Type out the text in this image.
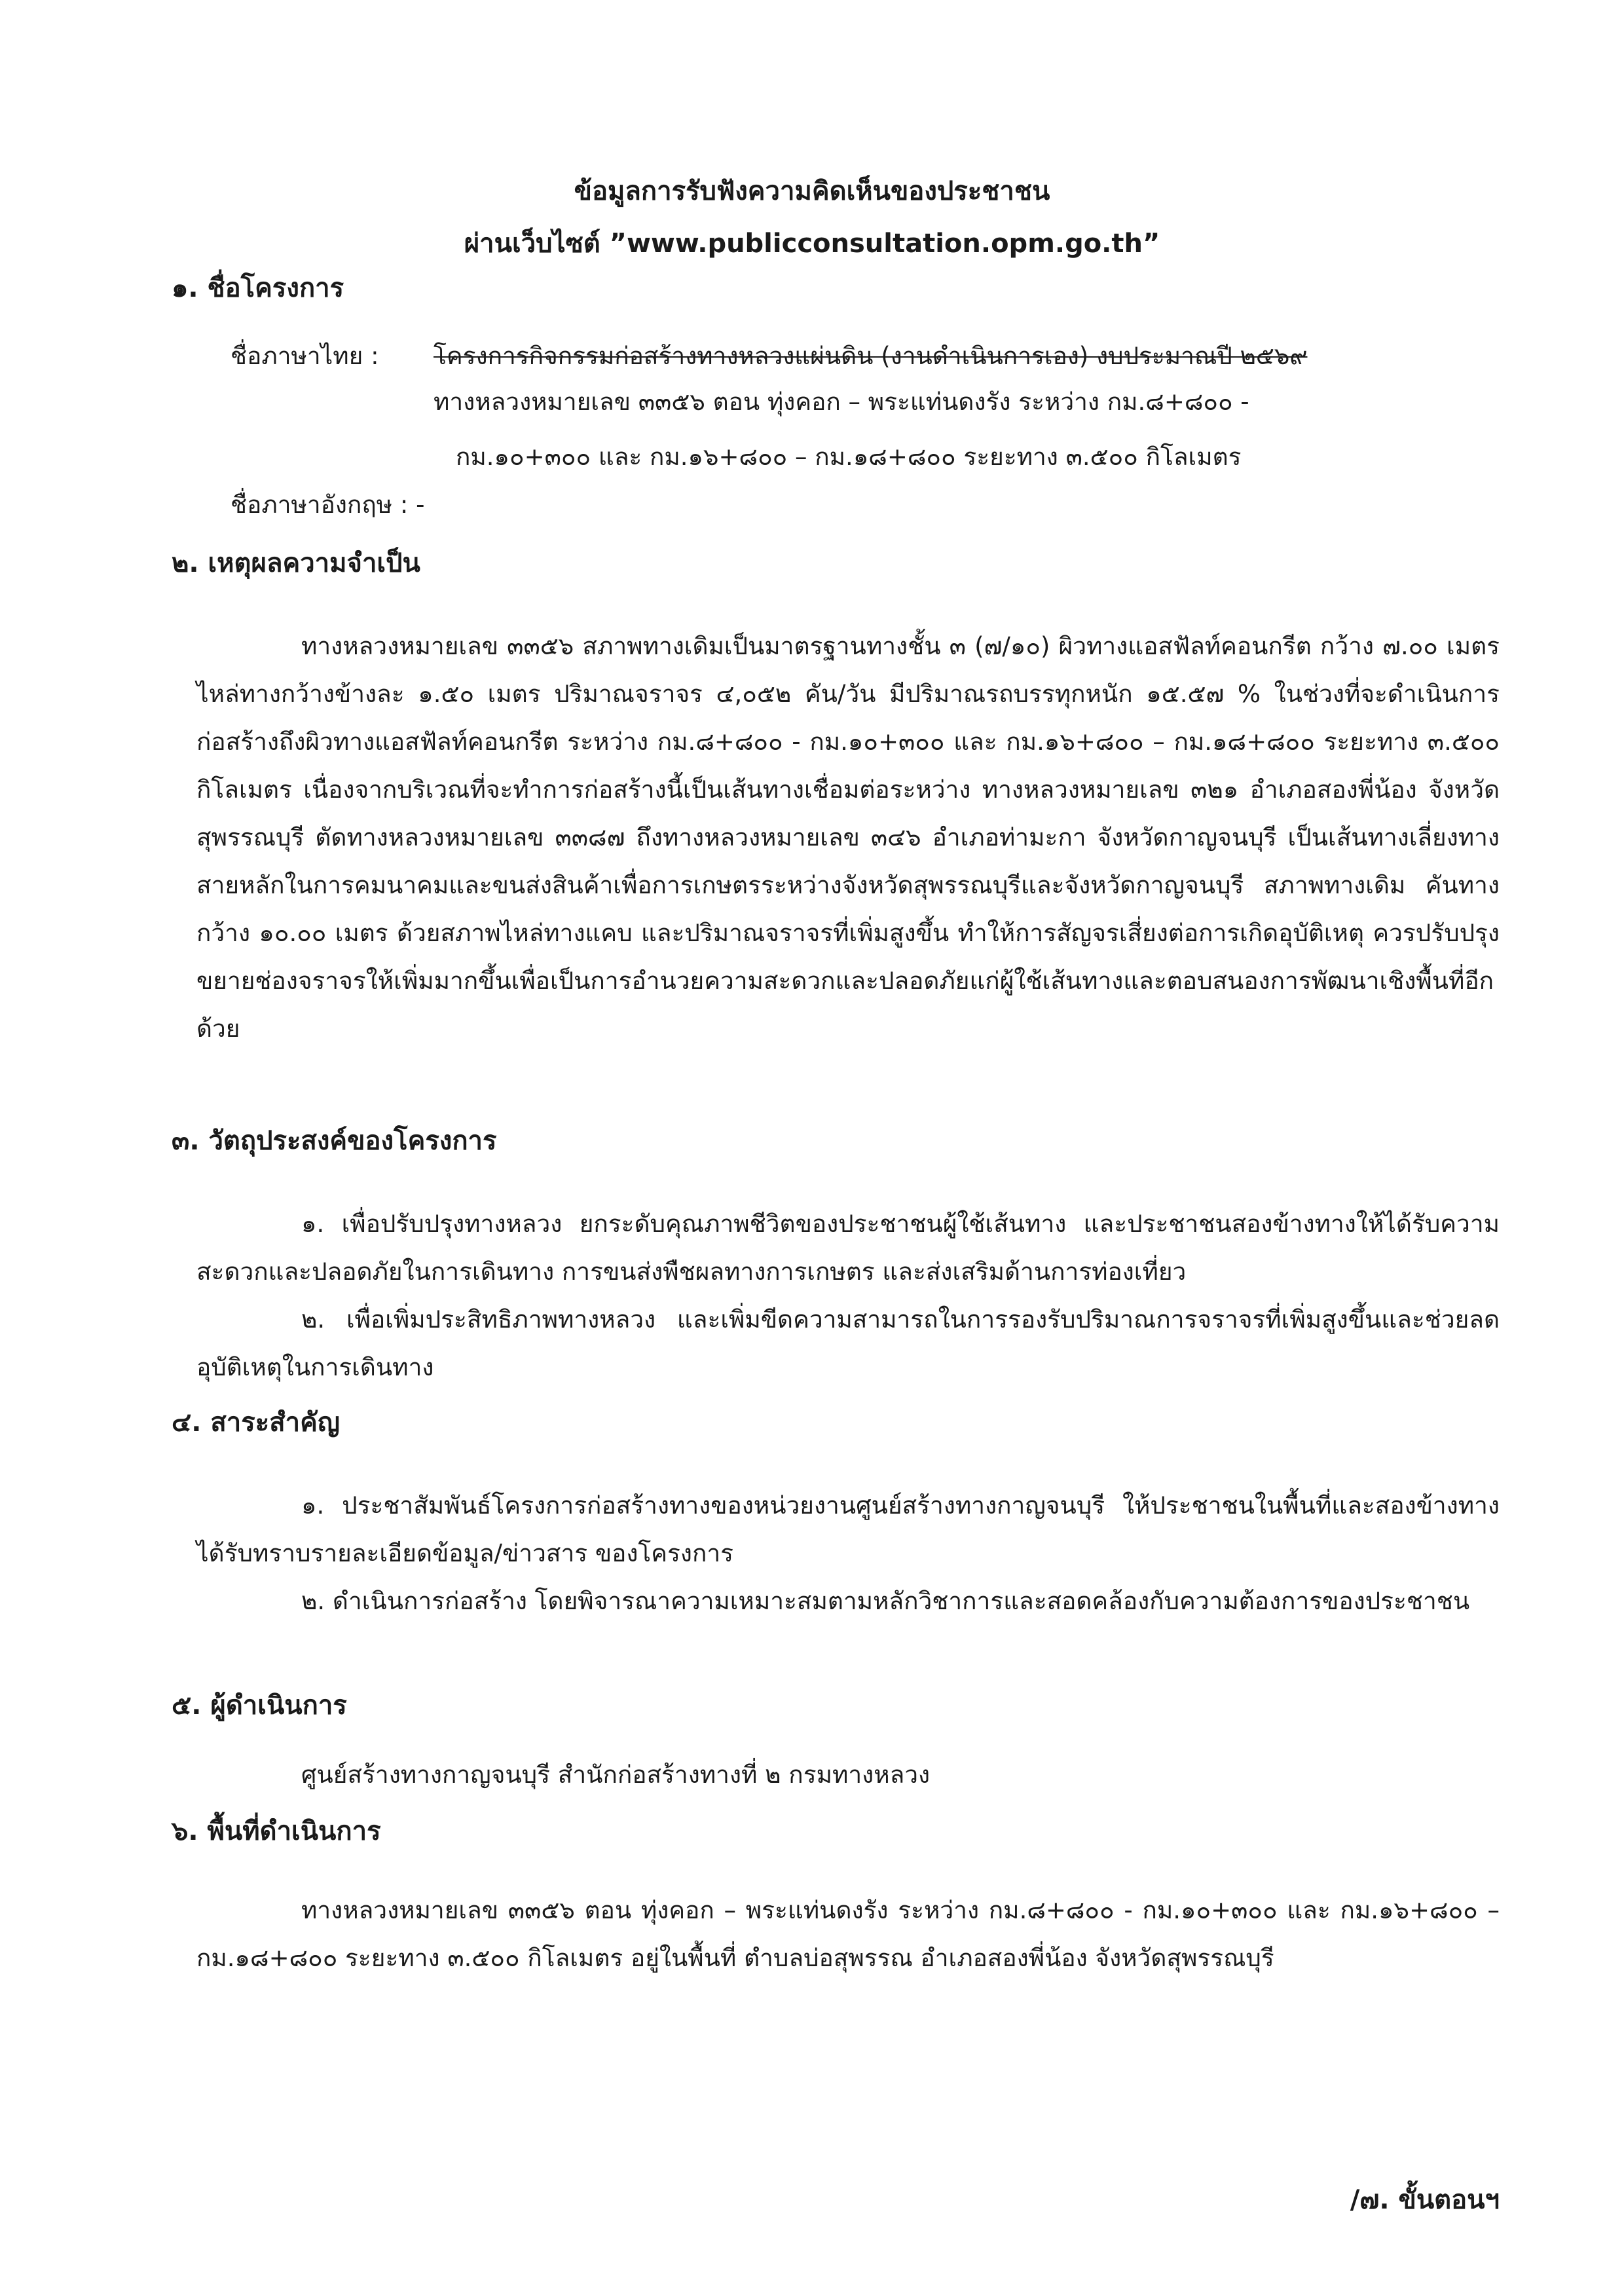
ข้อมูลการรับฟังความคิดเห็นของประชาชน
ผ่านเว็บไซต์ ”www.publicconsultation.opm.go.th”
๑. ชื่อโครงการ
ชื่อภาษาไทย : โครงการกิจกรรมก่อสร้างทางหลวงแผ่นดิน (งานดำเนินการเอง) งบประมาณปี ๒๕๖๙
ทางหลวงหมายเลข ๓๓๕๖ ตอน ทุ่งคอก – พระแท่นดงรัง ระหว่าง กม.๘+๘๐๐ -
กม.๑๐+๓๐๐ และ กม.๑๖+๘๐๐ – กม.๑๘+๘๐๐ ระยะทาง ๓.๕๐๐ กิโลเมตร
ชื่อภาษาอังกฤษ : -
๒. เหตุผลความจำเป็น
ทางหลวงหมายเลข ๓๓๕๖ สภาพทางเดิมเป็นมาตรฐานทางชั้น ๓ (๗/๑๐) ผิวทางแอสฟัลท์คอนกรีต กว้าง ๗.๐๐ เมตร ไหล่ทางกว้างข้างละ ๑.๕๐ เมตร ปริมาณจราจร ๔,๐๕๒ คัน/วัน มีปริมาณรถบรรทุกหนัก ๑๕.๕๗ % ในช่วงที่จะดำเนินการก่อสร้างถึงผิวทางแอสฟัลท์คอนกรีต ระหว่าง กม.๘+๘๐๐ - กม.๑๐+๓๐๐ และ กม.๑๖+๘๐๐ – กม.๑๘+๘๐๐ ระยะทาง ๓.๕๐๐ กิโลเมตร เนื่องจากบริเวณที่จะทำการก่อสร้างนี้เป็นเส้นทางเชื่อมต่อระหว่าง ทางหลวงหมายเลข ๓๒๑ อำเภอสองพี่น้อง จังหวัดสุพรรณบุรี ตัดทางหลวงหมายเลข ๓๓๘๗ ถึงทางหลวงหมายเลข ๓๔๖ อำเภอท่ามะกา จังหวัดกาญจนบุรี เป็นเส้นทางเลี่ยงทางสายหลักในการคมนาคมและขนส่งสินค้าเพื่อการเกษตรระหว่างจังหวัดสุพรรณบุรีและจังหวัดกาญจนบุรี สภาพทางเดิม คันทางกว้าง ๑๐.๐๐ เมตร ด้วยสภาพไหล่ทางแคบ และปริมาณจราจรที่เพิ่มสูงขึ้น ทำให้การสัญจรเสี่ยงต่อการเกิดอุบัติเหตุ ควรปรับปรุงขยายช่องจราจรให้เพิ่มมากขึ้นเพื่อเป็นการอำนวยความสะดวกและปลอดภัยแก่ผู้ใช้เส้นทางและตอบสนองการพัฒนาเชิงพื้นที่อีกด้วย
๓. วัตถุประสงค์ของโครงการ
๑. เพื่อปรับปรุงทางหลวง ยกระดับคุณภาพชีวิตของประชาชนผู้ใช้เส้นทาง และประชาชนสองข้างทางให้ได้รับความสะดวกและปลอดภัยในการเดินทาง การขนส่งพืชผลทางการเกษตร และส่งเสริมด้านการท่องเที่ยว
๒. เพื่อเพิ่มประสิทธิภาพทางหลวง และเพิ่มขีดความสามารถในการรองรับปริมาณการจราจรที่เพิ่มสูงขึ้นและช่วยลดอุบัติเหตุในการเดินทาง
๔. สาระสำคัญ
๑. ประชาสัมพันธ์โครงการก่อสร้างทางของหน่วยงานศูนย์สร้างทางกาญจนบุรี ให้ประชาชนในพื้นที่และสองข้างทางได้รับทราบรายละเอียดข้อมูล/ข่าวสาร ของโครงการ
๒. ดำเนินการก่อสร้าง โดยพิจารณาความเหมาะสมตามหลักวิชาการและสอดคล้องกับความต้องการของประชาชน
๕. ผู้ดำเนินการ
ศูนย์สร้างทางกาญจนบุรี สำนักก่อสร้างทางที่ ๒ กรมทางหลวง
๖. พื้นที่ดำเนินการ
ทางหลวงหมายเลข ๓๓๕๖ ตอน ทุ่งคอก – พระแท่นดงรัง ระหว่าง กม.๘+๘๐๐ - กม.๑๐+๓๐๐ และ กม.๑๖+๘๐๐ – กม.๑๘+๘๐๐ ระยะทาง ๓.๕๐๐ กิโลเมตร อยู่ในพื้นที่ ตำบลบ่อสุพรรณ อำเภอสองพี่น้อง จังหวัดสุพรรณบุรี
/๗. ขั้นตอนฯ
